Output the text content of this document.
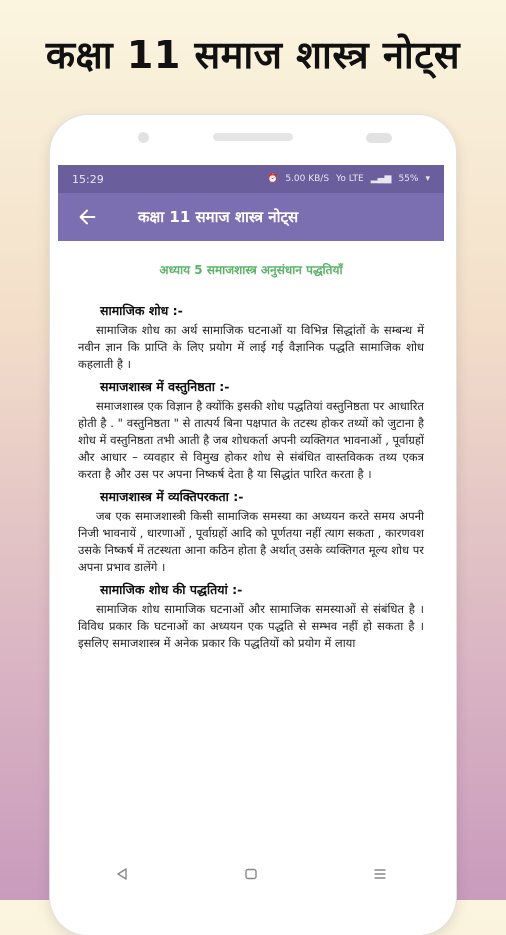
कक्षा 11 समाज शास्त्र नोट्स
15:29	⏰ 5.00 KB/S Yo LTE ▂▄▆ 55% ▾
कक्षा 11 समाज शास्त्र नोट्स
अध्याय 5 समाजशास्त्र अनुसंधान पद्धतियाँ
सामाजिक शोध :-

सामाजिक शोध का अर्थ सामाजिक घटनाओं या विभिन्न सिद्धांतों के सम्बन्ध में नवीन ज्ञान कि प्राप्ति के लिए प्रयोग में लाई गई वैज्ञानिक पद्धति सामाजिक शोध कहलाती है ।

समाजशास्त्र में वस्तुनिष्ठता :-

समाजशास्त्र एक विज्ञान है क्योंकि इसकी शोध पद्धतियां वस्तुनिष्ठता पर आधारित होती है . " वस्तुनिष्ठता " से तात्पर्य बिना पक्षपात के तटस्थ होकर तथ्यों को जुटाना है शोध में वस्तुनिष्ठता तभी आती है जब शोधकर्ता अपनी व्यक्तिगत भावनाओं , पूर्वाग्रहों और आधार – व्यवहार से विमुख होकर शोध से संबंधित वास्तविकक तथ्य एकत्र करता है और उस पर अपना निष्कर्ष देता है या सिद्धांत पारित करता है ।

समाजशास्त्र में व्यक्तिपरकता :-

जब एक समाजशास्त्री किसी सामाजिक समस्या का अध्ययन करते समय अपनी निजी भावनायें , धारणाओं , पूर्वाग्रहों आदि को पूर्णतया नहीं त्याग सकता , कारणवश उसके निष्कर्ष में तटस्थता आना कठिन होता है अर्थात् उसके व्यक्तिगत मूल्य शोध पर अपना प्रभाव डालेंगे ।

सामाजिक शोध की पद्धतियां :-

सामाजिक शोध सामाजिक घटनाओं और सामाजिक समस्याओं से संबंधित है । विविध प्रकार कि घटनाओं का अध्ययन एक पद्धति से सम्भव नहीं हो सकता है । इसलिए समाजशास्त्र में अनेक प्रकार कि पद्धतियों को प्रयोग में लाया
